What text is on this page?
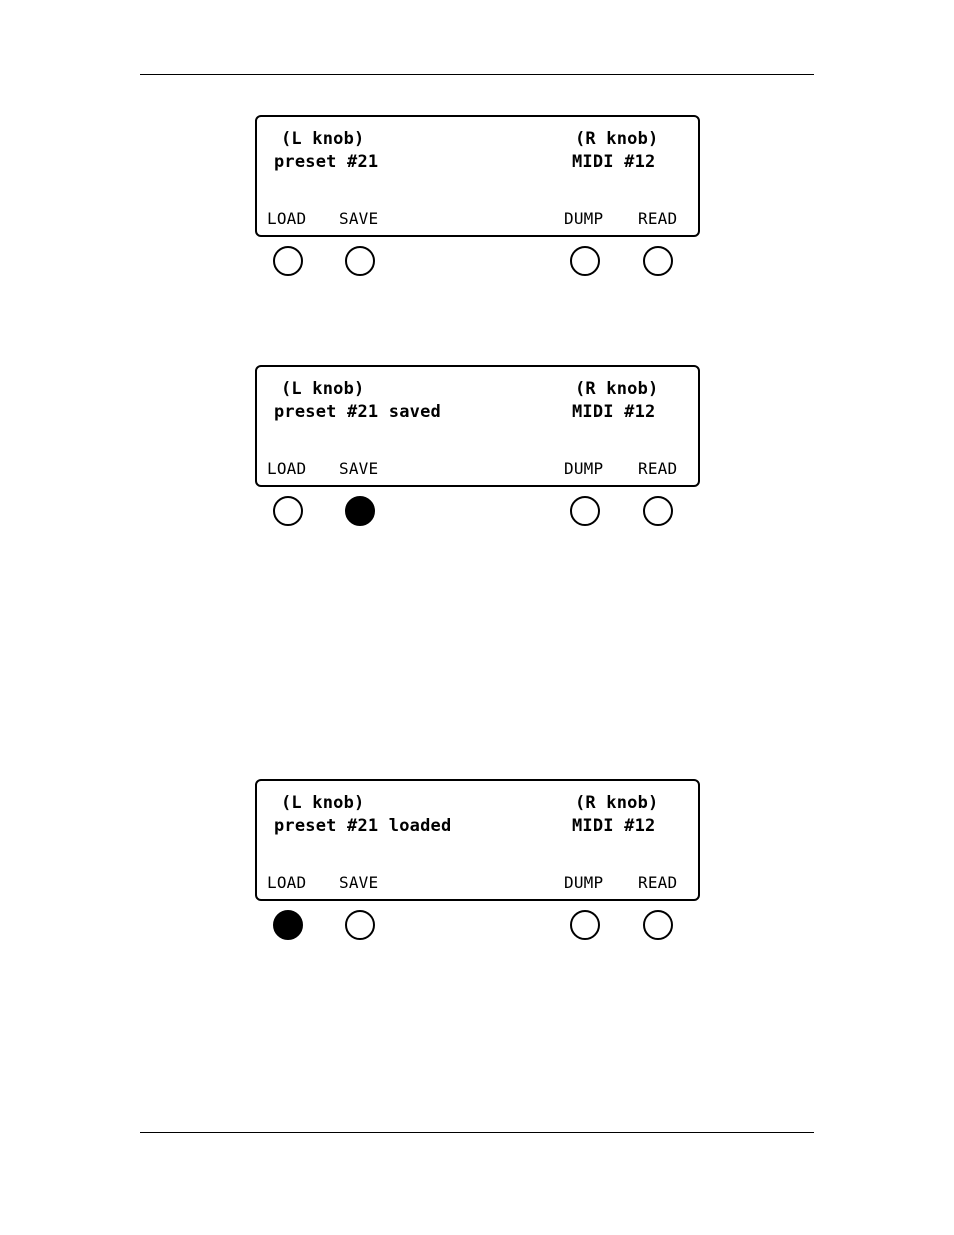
(L knob)
preset #21
(R knob)
MIDI #12
LOAD SAVE	DUMP READ
(L knob)
preset #21 saved
(R knob)
MIDI #12
LOAD SAVE	DUMP READ
(L knob)
preset #21 loaded
(R knob)
MIDI #12
LOAD SAVE	DUMP READ
